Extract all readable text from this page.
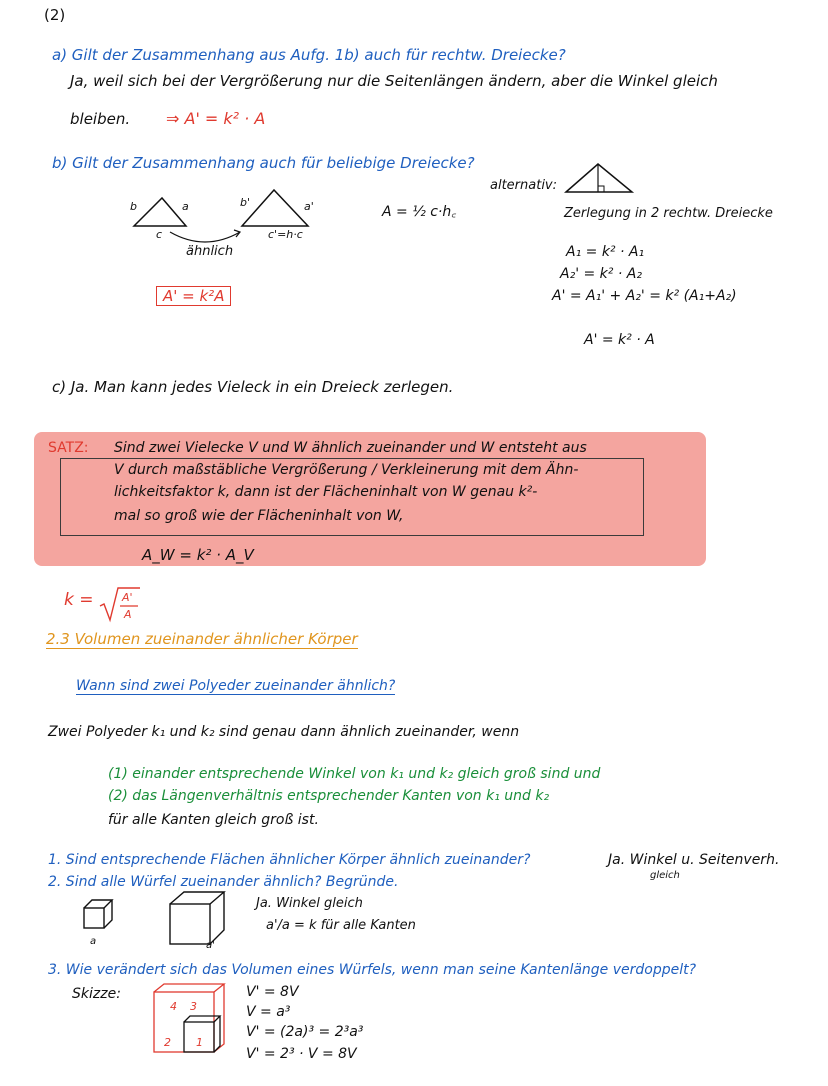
(2)
a) Gilt der Zusammenhang aus Aufg. 1b) auch für rechtw. Dreiecke?
Ja, weil sich bei der Vergrößerung nur die Seitenlängen ändern, aber die Winkel gleich
bleiben. ⇒ A' = k² · A
b) Gilt der Zusammenhang auch für beliebige Dreiecke?
b	a
c
b'	a'
c'=h·c
ähnlich
A = ½ c·h꜀
A' = k²A
alternativ:
Zerlegung in 2 rechtw. Dreiecke
A₁ = k² · A₁
A₂' = k² · A₂
A' = A₁' + A₂' = k² (A₁+A₂)
A' = k² · A
c) Ja. Man kann jedes Vieleck in ein Dreieck zerlegen.
SATZ: Sind zwei Vielecke V und W ähnlich zueinander und W entsteht aus
V durch maßstäbliche Vergrößerung / Verkleinerung mit dem Ähn-
lichkeitsfaktor k, dann ist der Flächeninhalt von W genau k²-
mal so groß wie der Flächeninhalt von W,
A_W = k² · A_V
k =	A'
A
2.3 Volumen zueinander ähnlicher Körper
Wann sind zwei Polyeder zueinander ähnlich?
Zwei Polyeder k₁ und k₂ sind genau dann ähnlich zueinander, wenn
(1) einander entsprechende Winkel von k₁ und k₂ gleich groß sind und
(2) das Längenverhältnis entsprechender Kanten von k₁ und k₂
für alle Kanten gleich groß ist.
1. Sind entsprechende Flächen ähnlicher Körper ähnlich zueinander?	Ja. Winkel u. Seitenverh.
gleich
2. Sind alle Würfel zueinander ähnlich? Begründe.
a	a'
Ja. Winkel gleich
a'/a = k für alle Kanten
3. Wie verändert sich das Volumen eines Würfels, wenn man seine Kantenlänge verdoppelt?
Skizze:
4 3
2 1
V' = 8V
V = a³
V' = (2a)³ = 2³a³
V' = 2³ · V = 8V
